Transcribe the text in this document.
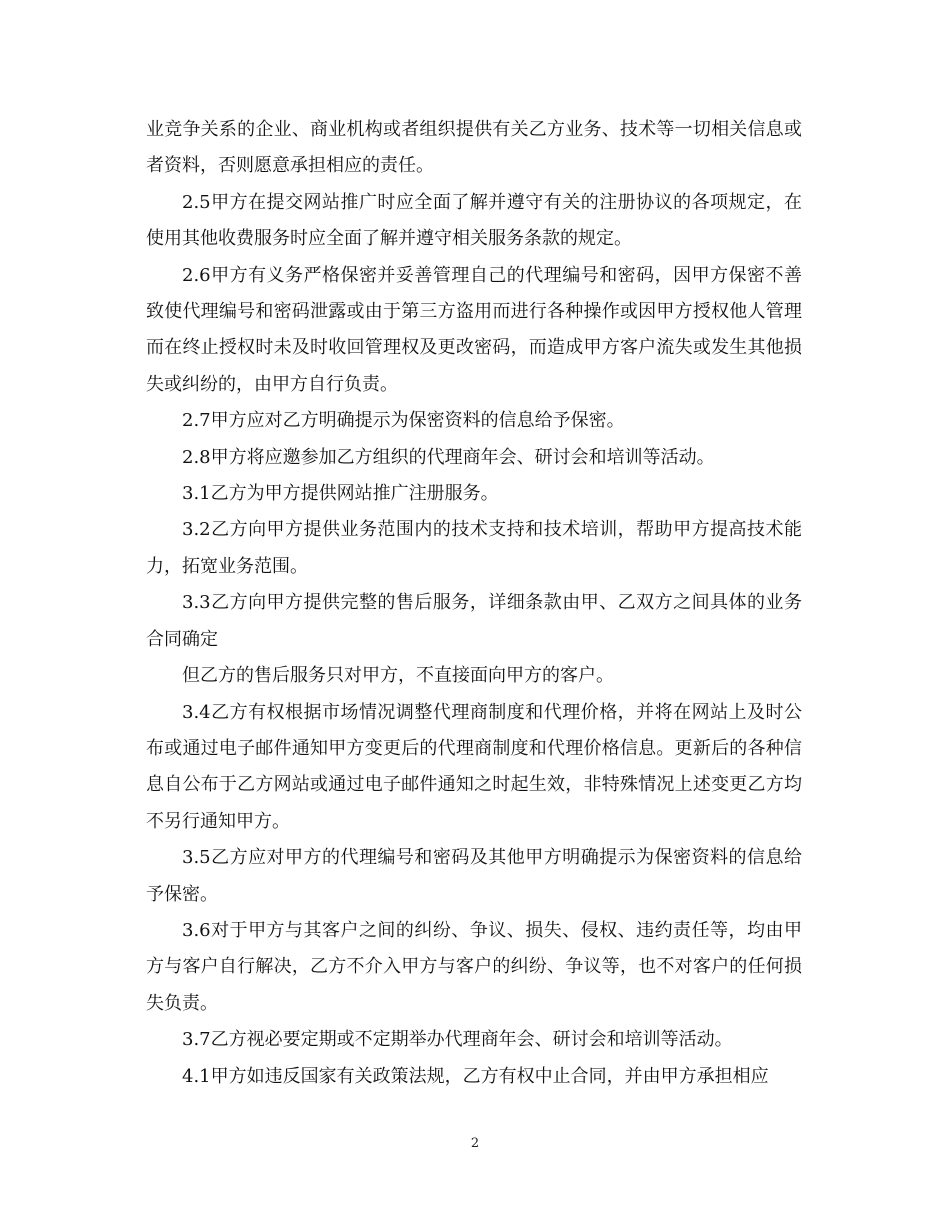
业竞争关系的企业、商业机构或者组织提供有关乙方业务、技术等一切相关信息或者资料，否则愿意承担相应的责任。

2.5甲方在提交网站推广时应全面了解并遵守有关的注册协议的各项规定，在使用其他收费服务时应全面了解并遵守相关服务条款的规定。

2.6甲方有义务严格保密并妥善管理自己的代理编号和密码，因甲方保密不善致使代理编号和密码泄露或由于第三方盗用而进行各种操作或因甲方授权他人管理而在终止授权时未及时收回管理权及更改密码，而造成甲方客户流失或发生其他损失或纠纷的，由甲方自行负责。

2.7甲方应对乙方明确提示为保密资料的信息给予保密。

2.8甲方将应邀参加乙方组织的代理商年会、研讨会和培训等活动。

3.1乙方为甲方提供网站推广注册服务。

3.2乙方向甲方提供业务范围内的技术支持和技术培训，帮助甲方提高技术能力，拓宽业务范围。

3.3乙方向甲方提供完整的售后服务，详细条款由甲、乙双方之间具体的业务合同确定

但乙方的售后服务只对甲方，不直接面向甲方的客户。

3.4乙方有权根据市场情况调整代理商制度和代理价格，并将在网站上及时公布或通过电子邮件通知甲方变更后的代理商制度和代理价格信息。更新后的各种信息自公布于乙方网站或通过电子邮件通知之时起生效，非特殊情况上述变更乙方均不另行通知甲方。

3.5乙方应对甲方的代理编号和密码及其他甲方明确提示为保密资料的信息给予保密。

3.6对于甲方与其客户之间的纠纷、争议、损失、侵权、违约责任等，均由甲方与客户自行解决，乙方不介入甲方与客户的纠纷、争议等，也不对客户的任何损失负责。

3.7乙方视必要定期或不定期举办代理商年会、研讨会和培训等活动。

4.1甲方如违反国家有关政策法规，乙方有权中止合同，并由甲方承担相应

2
